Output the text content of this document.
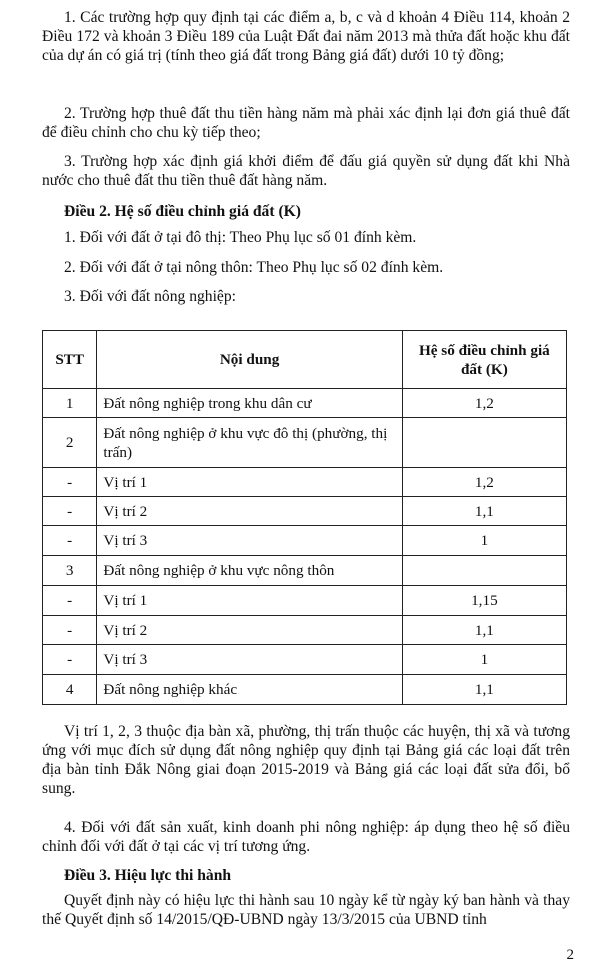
1. Các trường hợp quy định tại các điểm a, b, c và d khoản 4 Điều 114, khoản 2 Điều 172 và khoản 3 Điều 189 của Luật Đất đai năm 2013 mà thửa đất hoặc khu đất của dự án có giá trị (tính theo giá đất trong Bảng giá đất) dưới 10 tỷ đồng;

2. Trường hợp thuê đất thu tiền hàng năm mà phải xác định lại đơn giá thuê đất để điều chỉnh cho chu kỳ tiếp theo;

3. Trường hợp xác định giá khởi điểm để đấu giá quyền sử dụng đất khi Nhà nước cho thuê đất thu tiền thuê đất hàng năm.

Điều 2. Hệ số điều chỉnh giá đất (K)

1. Đối với đất ở tại đô thị: Theo Phụ lục số 01 đính kèm.

2. Đối với đất ở tại nông thôn: Theo Phụ lục số 02 đính kèm.

3. Đối với đất nông nghiệp:

STT	Nội dung	Hệ số điều chỉnh giá đất (K)
1	Đất nông nghiệp trong khu dân cư	1,2
2	Đất nông nghiệp ở khu vực đô thị (phường, thị trấn)	
-	Vị trí 1	1,2
-	Vị trí 2	1,1
-	Vị trí 3	1
3	Đất nông nghiệp ở khu vực nông thôn	
-	Vị trí 1	1,15
-	Vị trí 2	1,1
-	Vị trí 3	1
4	Đất nông nghiệp khác	1,1

Vị trí 1, 2, 3 thuộc địa bàn xã, phường, thị trấn thuộc các huyện, thị xã và tương ứng với mục đích sử dụng đất nông nghiệp quy định tại Bảng giá các loại đất trên địa bàn tỉnh Đắk Nông giai đoạn 2015-2019 và Bảng giá các loại đất sửa đổi, bổ sung.

4. Đối với đất sản xuất, kinh doanh phi nông nghiệp: áp dụng theo hệ số điều chỉnh đối với đất ở tại các vị trí tương ứng.

Điều 3. Hiệu lực thi hành

Quyết định này có hiệu lực thi hành sau 10 ngày kể từ ngày ký ban hành và thay thế Quyết định số 14/2015/QĐ-UBND ngày 13/3/2015 của UBND tỉnh

2
